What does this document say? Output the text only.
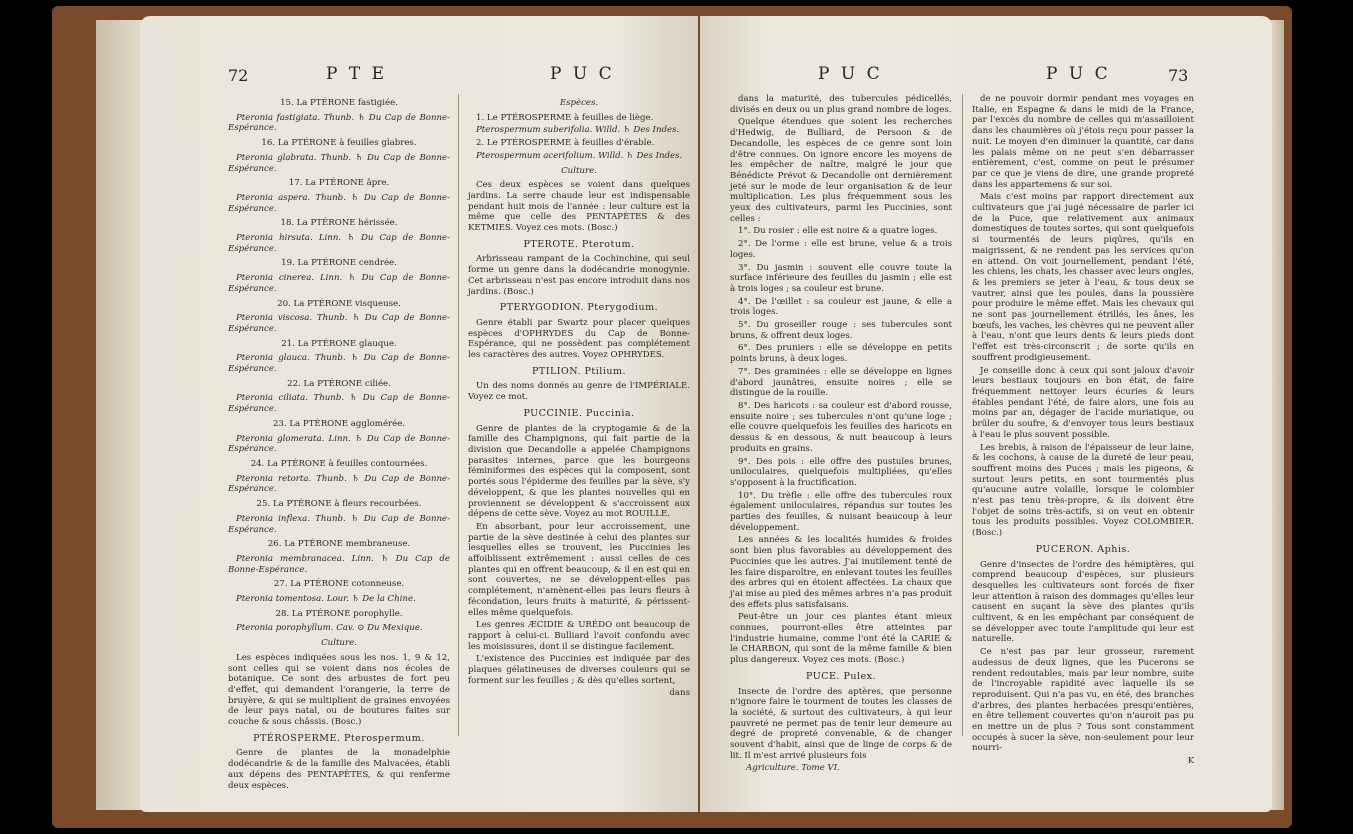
72	P T E	P U C

15. La PTÉRONE fastigiée.

Pteronia fastigiata. Thunb. ♄ Du Cap de Bonne-Espérance.

16. La PTÉRONE à feuilles glabres.

Pteronia glabrata. Thunb. ♄ Du Cap de Bonne-Espérance.

17. La PTÉRONE âpre.

Pteronia aspera. Thunb. ♄ Du Cap de Bonne-Espérance.

18. La PTÉRONE hérissée.

Pteronia hirsuta. Linn. ♄ Du Cap de Bonne-Espérance.

19. La PTÉRONE cendrée.

Pteronia cinerea. Linn. ♄ Du Cap de Bonne-Espérance.

20. La PTÉRONE visqueuse.

Pteronia viscosa. Thunb. ♄ Du Cap de Bonne-Espérance.

21. La PTÉRONE glauque.

Pteronia glauca. Thunb. ♄ Du Cap de Bonne-Espérance.

22. La PTÉRONE ciliée.

Pteronia ciliata. Thunb. ♄ Du Cap de Bonne-Espérance.

23. La PTÉRONE agglomérée.

Pteronia glomerata. Linn. ♄ Du Cap de Bonne-Espérance.

24. La PTÉRONE à feuilles contournées.

Pteronia retorta. Thunb. ♄ Du Cap de Bonne-Espérance.

25. La PTÉRONE à fleurs recourbées.

Pteronia inflexa. Thunb. ♄ Du Cap de Bonne-Espérance.

26. La PTÉRONE membraneuse.

Pteronia membranacea. Linn. ♄ Du Cap de Bonne-Espérance.

27. La PTÉRONE cotonneuse.

Pteronia tomentosa. Lour. ♄ De la Chine.

28. La PTÉRONE porophylle.

Pteronia porophyllum. Cav. ⊙ Du Mexique.

Culture.

Les espèces indiquées sous les nos. 1, 9 & 12, sont celles qui se voient dans nos écoles de botanique. Ce sont des arbustes de fort peu d'effet, qui demandent l'orangerie, la terre de bruyère, & qui se multiplient de graines envoyées de leur pays natal, ou de boutures faites sur couche & sous châssis. (Bosc.)

PTÉROSPERME. Pterospermum.

Genre de plantes de la monadelphie dodécandrie & de la famille des Malvacées, établi aux dépens des PENTAPÈTES, & qui renferme deux espèces.

Espèces.

1. Le PTÉROSPERME à feuilles de liège.

Pterospermum suberifolia. Willd. ♄ Des Indes.

2. Le PTÉROSPERME à feuilles d'érable.

Pterospermum acerifolium. Willd. ♄ Des Indes.

Culture.

Ces deux espèces se voient dans quelques jardins. La serre chaude leur est indispensable pendant huit mois de l'année : leur culture est la même que celle des PENTAPÈTES & des KETMIES. Voyez ces mots. (Bosc.)

PTEROTE. Pterotum.

Arbrisseau rampant de la Cochinchine, qui seul forme un genre dans la dodécandrie monogynie. Cet arbrisseau n'est pas encore introduit dans nos jardins. (Bosc.)

PTERYGODION. Pterygodium.

Genre établi par Swartz pour placer quelques espèces d'OPHRYDES du Cap de Bonne-Espérance, qui ne possèdent pas complétement les caractères des autres. Voyez OPHRYDES.

PTILION. Ptilium.

Un des noms donnés au genre de l'IMPÉRIALE. Voyez ce mot.

PUCCINIE. Puccinia.

Genre de plantes de la cryptogamie & de la famille des Champignons, qui fait partie de la division que Decandolle a appelée Champignons parasites internes, parce que les bourgeons féminiformes des espèces qui la composent, sont portés sous l'épiderme des feuilles par la sève, s'y développent, & que les plantes nouvelles qui en proviennent se développent & s'accroissent aux dépens de cette sève. Voyez au mot ROUILLE.

En absorbant, pour leur accroissement, une partie de la sève destinée à celui des plantes sur lesquelles elles se trouvent, les Puccinies les affoiblissent extrêmement : aussi celles de ces plantes qui en offrent beaucoup, & il en est qui en sont couvertes, ne se développent-elles pas complétement, n'amènent-elles pas leurs fleurs à fécondation, leurs fruits à maturité, & périssent-elles même quelquefois.

Les genres ÆCIDIE & URÉDO ont beaucoup de rapport à celui-ci. Bulliard l'avoit confondu avec les moisissures, dont il se distingue facilement.

L'existence des Puccinies est indiquée par des plaques gélatineuses de diverses couleurs qui se forment sur les feuilles ; & dès qu'elles sortent,

dans

P U C	P U C	73

dans la maturité, des tubercules pédicellés, divisés en deux ou un plus grand nombre de loges.

Quelque étendues que soient les recherches d'Hedwig, de Bulliard, de Persoon & de Decandolle, les espèces de ce genre sont loin d'être connues. On ignore encore les moyens de les empêcher de naître, malgré le jour que Bénédicte Prévot & Decandolle ont dernièrement jeté sur le mode de leur organisation & de leur multiplication. Les plus fréquemment sous les yeux des cultivateurs, parmi les Puccinies, sont celles :

1°. Du rosier : elle est noire & a quatre loges.

2°. De l'orme : elle est brune, velue & a trois loges.

3°. Du jasmin : souvent elle couvre toute la surface inférieure des feuilles du jasmin ; elle est à trois loges ; sa couleur est brune.

4°. De l'œillet : sa couleur est jaune, & elle a trois loges.

5°. Du groseiller rouge : ses tubercules sont bruns, & offrent deux loges.

6°. Des pruniers : elle se développe en petits points bruns, à deux loges.

7°. Des graminées : elle se développe en lignes d'abord jaunâtres, ensuite noires ; elle se distingue de la rouille.

8°. Des haricots : sa couleur est d'abord rousse, ensuite noire ; ses tubercules n'ont qu'une loge ; elle couvre quelquefois les feuilles des haricots en dessus & en dessous, & nuit beaucoup à leurs produits en grains.

9°. Des pois : elle offre des pustules brunes, uniloculaires, quelquefois multipliées, qu'elles s'opposent à la fructification.

10°. Du trèfle : elle offre des tubercules roux également uniloculaires, répandus sur toutes les parties des feuilles, & nuisant beaucoup à leur développement.

Les années & les localités humides & froides sont bien plus favorables au développement des Puccinies que les autres. J'ai inutilement tenté de les faire disparoître, en enlevant toutes les feuilles des arbres qui en étoient affectées. La chaux que j'ai mise au pied des mêmes arbres n'a pas produit des effets plus satisfaisans.

Peut-être un jour ces plantes étant mieux connues, pourront-elles être atteintes par l'industrie humaine, comme l'ont été la CARIE & le CHARBON, qui sont de la même famille & bien plus dangereux. Voyez ces mots. (Bosc.)

PUCE. Pulex.

Insecte de l'ordre des aptères, que personne n'ignore faire le tourment de toutes les classes de la société, & surtout des cultivateurs, à qui leur pauvreté ne permet pas de tenir leur demeure au degré de propreté convenable, & de changer souvent d'habit, ainsi que de linge de corps & de lit. Il m'est arrivé plusieurs fois

Agriculture. Tome VI.

de ne pouvoir dormir pendant mes voyages en Italie, en Espagne & dans le midi de la France, par l'excès du nombre de celles qui m'assailloient dans les chaumières où j'étois reçu pour passer la nuit. Le moyen d'en diminuer la quantité, car dans les palais même on ne peut s'en débarrasser entièrement, c'est, comme on peut le présumer par ce que je viens de dire, une grande propreté dans les appartemens & sur soi.

Mais c'est moins par rapport directement aux cultivateurs que j'ai jugé nécessaire de parler ici de la Puce, que relativement aux animaux domestiques de toutes sortes, qui sont quelquefois si tourmentés de leurs piqûres, qu'ils en maigrissent, & ne rendent pas les services qu'on en attend. On voit journellement, pendant l'été, les chiens, les chats, les chasser avec leurs ongles, & les premiers se jeter à l'eau, & tous deux se vautrer, ainsi que les poules, dans la poussière pour produire le même effet. Mais les chevaux qui ne sont pas journellement étrillés, les ânes, les bœufs, les vaches, les chèvres qui ne peuvent aller à l'eau, n'ont que leurs dents & leurs pieds dont l'effet est très-circonscrit ; de sorte qu'ils en souffrent prodigieusement.

Je conseille donc à ceux qui sont jaloux d'avoir leurs bestiaux toujours en bon état, de faire fréquemment nettoyer leurs écuries & leurs étables pendant l'été, de faire alors, une fois au moins par an, dégager de l'acide muriatique, ou brûler du soufre, & d'envoyer tous leurs bestiaux à l'eau le plus souvent possible.

Les brebis, à raison de l'épaisseur de leur laine, & les cochons, à cause de la dureté de leur peau, souffrent moins des Puces ; mais les pigeons, & surtout leurs petits, en sont tourmentés plus qu'aucune autre volaille, lorsque le colombier n'est pas tenu très-propre, & ils doivent être l'objet de soins très-actifs, si on veut en obtenir tous les produits possibles. Voyez COLOMBIER. (Bosc.)

PUCERON. Aphis.

Genre d'insectes de l'ordre des hémiptères, qui comprend beaucoup d'espèces, sur plusieurs desquelles les cultivateurs sont forcés de fixer leur attention à raison des dommages qu'elles leur causent en suçant la sève des plantes qu'ils cultivent, & en les empêchant par conséquent de se développer avec toute l'amplitude qui leur est naturelle.

Ce n'est pas par leur grosseur, rarement audessus de deux lignes, que les Pucerons se rendent redoutables, mais par leur nombre, suite de l'incroyable rapidité avec laquelle ils se reproduisent. Qui n'a pas vu, en été, des branches d'arbres, des plantes herbacées presqu'entières, en être tellement couvertes qu'on n'auroit pas pu en mettre un de plus ? Tous sont constamment occupés à sucer la sève, non-seulement pour leur nourri-

K
